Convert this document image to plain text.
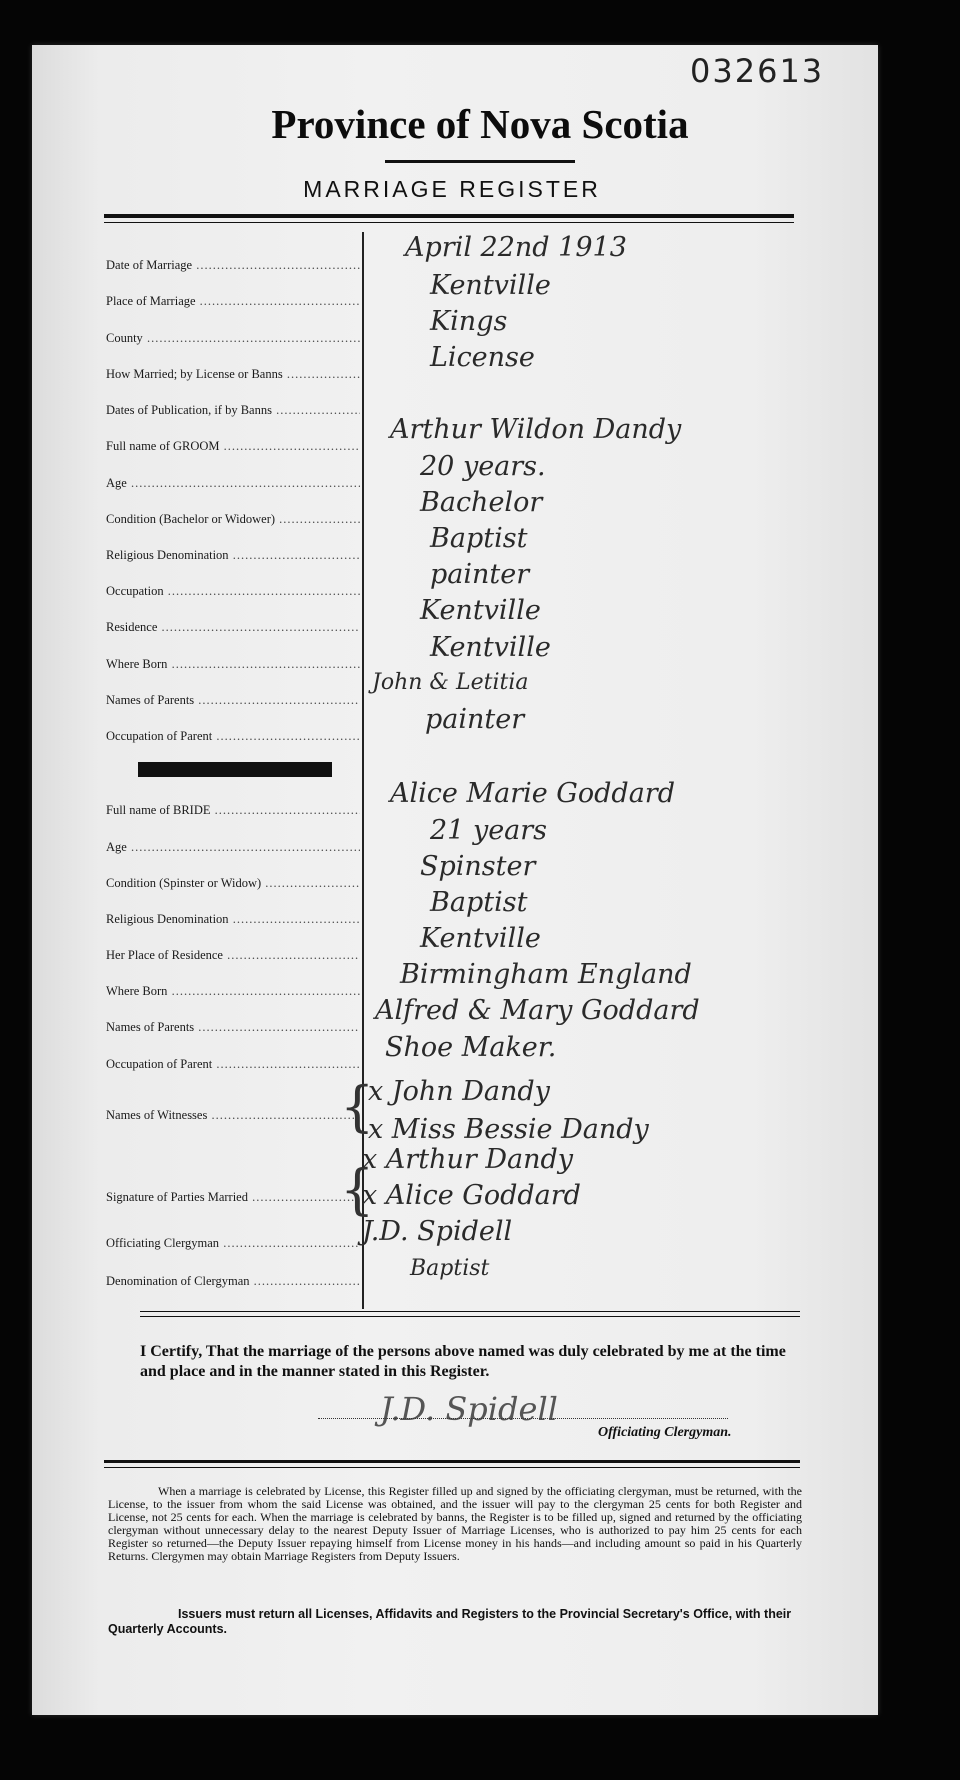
032613
Province of Nova Scotia
MARRIAGE REGISTER
Date of Marriage .....
Place of Marriage .....
County .....
How Married; by License or Banns .....
Dates of Publication, if by Banns .....
Full name of GROOM .....
Age .....
Condition (Bachelor or Widower) .....
Religious Denomination .....
Occupation .....
Residence .....
Where Born .....
Names of Parents .....
Occupation of Parent .....
Full name of BRIDE .....
Age .....
Condition (Spinster or Widow) .....
Religious Denomination .....
Her Place of Residence .....
Where Born .....
Names of Parents .....
Occupation of Parent .....
Names of Witnesses .....
Signature of Parties Married .....
Officiating Clergyman .....
Denomination of Clergyman .....
April 22nd 1913
Kentville
Kings
License
Arthur Wildon Dandy
20 years.
Bachelor
Baptist
painter
Kentville
Kentville
John & Letitia
painter
Alice Marie Goddard
21 years
Spinster
Baptist
Kentville
Birmingham England
Alfred & Mary Goddard
Shoe Maker.
{
x John Dandy
x Miss Bessie Dandy
{
x Arthur Dandy
x Alice Goddard
J.D. Spidell
Baptist
I Certify, That the marriage of the persons above named was duly celebrated by me at the time and place and in the manner stated in this Register.
J.D. Spidell
Officiating Clergyman.
When a marriage is celebrated by License, this Register filled up and signed by the officiating clergyman, must be returned, with the License, to the issuer from whom the said License was obtained, and the issuer will pay to the clergyman 25 cents for both Register and License, not 25 cents for each. When the marriage is celebrated by banns, the Register is to be filled up, signed and returned by the officiating clergyman without unnecessary delay to the nearest Deputy Issuer of Marriage Licenses, who is authorized to pay him 25 cents for each Register so returned—the Deputy Issuer repaying himself from License money in his hands—and including amount so paid in his Quarterly Returns. Clergymen may obtain Marriage Registers from Deputy Issuers.
Issuers must return all Licenses, Affidavits and Registers to the Provincial Secretary's Office, with their Quarterly Accounts.
